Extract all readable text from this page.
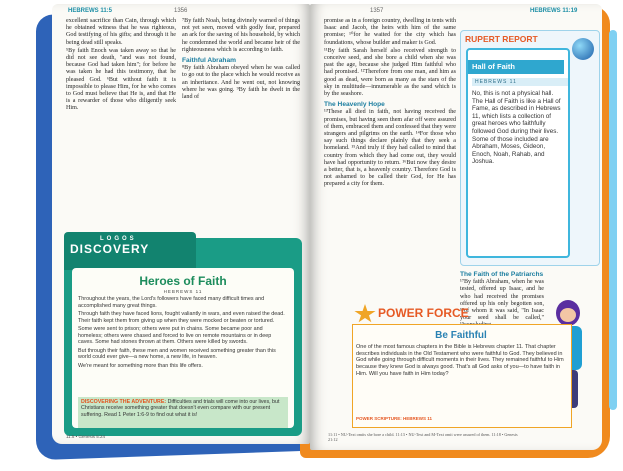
HEBREWS 11:5	1356

excellent sacrifice than Cain, through which he obtained witness that he was righteous, God testifying of his gifts; and through it he being dead still speaks.

⁵By faith Enoch was taken away so that he did not see death, "and was not found, because God had taken him"; for before he was taken he had this testimony, that he pleased God. ⁶But without faith it is impossible to please Him, for he who comes to God must believe that He is, and that He is a rewarder of those who diligently seek Him.

⁷By faith Noah, being divinely warned of things not yet seen, moved with godly fear, prepared an ark for the saving of his household, by which he condemned the world and became heir of the righteousness which is according to faith.

Faithful Abraham

⁸By faith Abraham obeyed when he was called to go out to the place which he would receive as an inheritance. And he went out, not knowing where he was going. ⁹By faith he dwelt in the land of

LOGOS
DISCOVERY
Heroes of Faith
HEBREWS 11

Throughout the years, the Lord's followers have faced many difficult times and accomplished many great things.

Through faith they have faced lions, fought valiantly in wars, and even raised the dead. Their faith kept them from giving up when they were mocked or beaten or tortured.

Some were sent to prison; others were put in chains. Some became poor and homeless; others were chased and forced to live on remote mountains or in deep caves. Some had stones thrown at them. Others were killed by swords.

But through their faith, these men and women received something greater than this world could ever give—a new home, a new life, in heaven.

We're meant for something more than this life offers.

DISCOVERING THE ADVENTURE: Difficulties and trials will come into our lives, but Christians receive something greater that doesn't even compare with our present suffering. Read 1 Peter 1:6-9 to find out what it is!
11:5 • Genesis 5:24
1357	HEBREWS 11:19

promise as in a foreign country, dwelling in tents with Isaac and Jacob, the heirs with him of the same promise; ¹⁰for he waited for the city which has foundations, whose builder and maker is God.

¹¹By faith Sarah herself also received strength to conceive seed, and she bore a child when she was past the age, because she judged Him faithful who had promised. ¹²Therefore from one man, and him as good as dead, were born as many as the stars of the sky in multitude—innumerable as the sand which is by the seashore.

The Heavenly Hope

¹³These all died in faith, not having received the promises, but having seen them afar off were assured of them, embraced them and confessed that they were strangers and pilgrims on the earth. ¹⁴For those who say such things declare plainly that they seek a homeland. ¹⁵And truly if they had called to mind that country from which they had come out, they would have had opportunity to return. ¹⁶But now they desire a better, that is, a heavenly country. Therefore God is not ashamed to be called their God, for He has prepared a city for them.

RUPERT REPORT
Hall of Faith
HEBREWS 11
No, this is not a physical hall. The Hall of Faith is like a Hall of Fame, as described in Hebrews 11, which lists a collection of great heroes who faithfully followed God during their lives. Some of those included are Abraham, Moses, Gideon, Enoch, Noah, Rahab, and Joshua.
The Faith of the Patriarchs

¹⁷By faith Abraham, when he was tested, offered up Isaac, and he who had received the promises offered up his only begotten son, ¹⁸of whom it was said, "In Isaac your seed shall be called,"

POWER FORCE
Be Faithful
One of the most famous chapters in the Bible is Hebrews chapter 11. That chapter describes individuals in the Old Testament who were faithful to God. They believed in God while going through difficult moments in their lives. They remained faithful to Him because they knew God is always good. That's all God asks of you—to have faith in Him. Will you have faith in Him today?
POWER SCRIPTURE: HEBREWS 11
11:11 • NU-Text omits she bore a child. 11:13 • NU-Text and M-Text omit were assured of them. 11:18 • Genesis 21:12
